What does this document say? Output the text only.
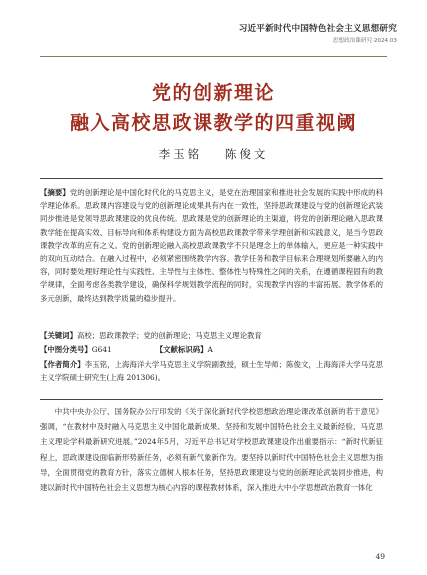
习近平新时代中国特色社会主义思想研究
思想政治课研究·2024.03
党的创新理论
融入高校思政课教学的四重视阈
李玉铭 陈俊文
【摘要】党的创新理论是中国化时代化的马克思主义，是党在治理国家和推进社会发展的实践中形成的科学理论体系。思政课内容建设与党的创新理论成果具有内在一致性，坚持思政课建设与党的创新理论武装同步推进是党领导思政课建设的优良传统。思政课是党的创新理论的主渠道，将党的创新理论融入思政课教学能在提高实效、目标导向和体系构建设方面为高校思政课教学带来学理创新和实践意义，是当今思政课教学改革的应有之义。党的创新理论融入高校思政课教学不只是理念上的单体输入，更应是一种实践中的双向互动结合。在融入过程中，必须紧密围绕教学内容、教学任务和教学目标来合理规划所要融入的内容，同时要处理好理论性与实践性、主导性与主体性、整体性与特殊性之间的关系，在遵循课程固有的教学规律，全面考虑各类教学建设，确保科学规划教学流程的同时，实现教学内容的丰富拓展、教学体系的多元创新，最终达到教学质量的稳步提升。
【关键词】高校；思政课教学；党的创新理论；马克思主义理论教育
【中图分类号】G641	【文献标识码】A
【作者简介】李玉铭，上海海洋大学马克思主义学院副教授，硕士生导师；陈俊文，上海海洋大学马克思主义学院硕士研究生(上海 201306)。
中共中央办公厅、国务院办公厅印发的《关于深化新时代学校思想政治理论课改革创新的若干意见》强调，“在教材中及时融入马克思主义中国化最新成果、坚持和发展中国特色社会主义最新经验、马克思主义理论学科最新研究进展。”2024年5月，习近平总书记对学校思政课建设作出重要指示：“新时代新征程上，思政课建设面临新形势新任务，必须有新气象新作为。要坚持以新时代中国特色社会主义思想为指导，全面贯彻党的教育方针，落实立德树人根本任务，坚持思政课建设与党的创新理论武装同步推进，构建以新时代中国特色社会主义思想为核心内容的课程教材体系，深入推进大中小学思想政治教育一体化
49
